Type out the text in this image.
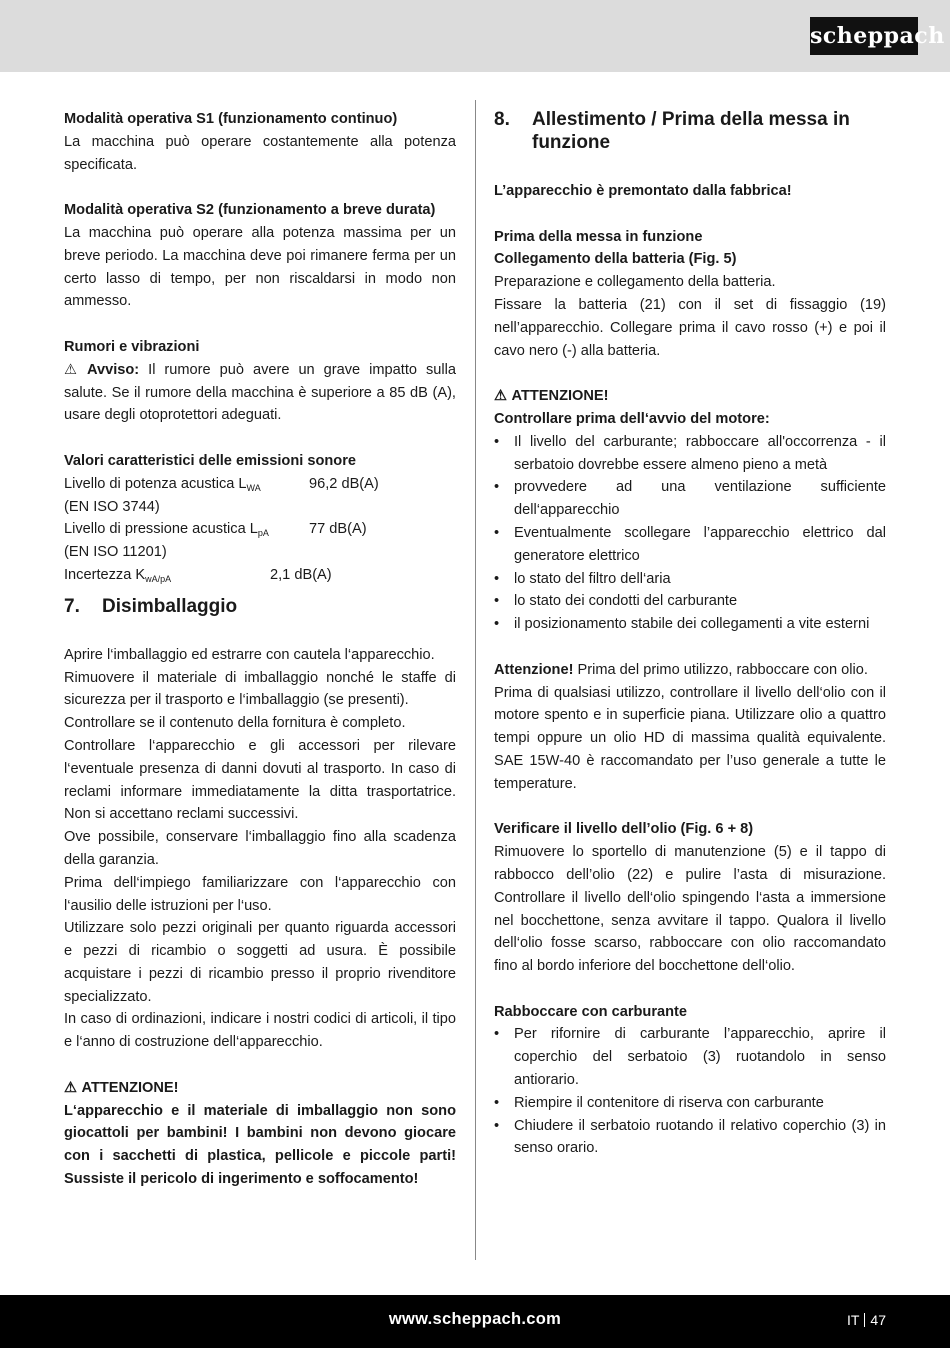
scheppach

Modalità operativa S1 (funzionamento continuo)

La macchina può operare costantemente alla potenza specificata.

Modalità operativa S2 (funzionamento a breve durata)

La macchina può operare alla potenza massima per un breve periodo. La macchina deve poi rimanere ferma per un certo lasso di tempo, per non riscaldarsi in modo non ammesso.

Rumori e vibrazioni

⚠ Avviso: Il rumore può avere un grave impatto sulla salute. Se il rumore della macchina è superiore a 85 dB (A), usare degli otoprotettori adeguati.

Valori caratteristici delle emissioni sonore

Livello di potenza acustica $L_{WA}$	96,2 dB(A)

(EN ISO 3744)

Livello di pressione acustica $L_{pA}$	77 dB(A)

(EN ISO 11201)

Incertezza $K_{wA/pA}$	2,1 dB(A)
7.	Disimballaggio

Aprire l‘imballaggio ed estrarre con cautela l‘apparecchio.

Rimuovere il materiale di imballaggio nonché le staffe di sicurezza per il trasporto e l‘imballaggio (se presenti).

Controllare se il contenuto della fornitura è completo.

Controllare l‘apparecchio e gli accessori per rilevare l‘eventuale presenza di danni dovuti al trasporto. In caso di reclami informare immediatamente la ditta trasportatrice. Non si accettano reclami successivi.

Ove possibile, conservare l‘imballaggio fino alla scadenza della garanzia.

Prima dell‘impiego familiarizzare con l‘apparecchio con l‘ausilio delle istruzioni per l‘uso.

Utilizzare solo pezzi originali per quanto riguarda accessori e pezzi di ricambio o soggetti ad usura. È possibile acquistare i pezzi di ricambio presso il proprio rivenditore specializzato.

In caso di ordinazioni, indicare i nostri codici di articoli, il tipo e l‘anno di costruzione dell‘apparecchio.

⚠ ATTENZIONE!

L‘apparecchio e il materiale di imballaggio non sono giocattoli per bambini! I bambini non devono giocare con i sacchetti di plastica, pellicole e piccole parti! Sussiste il pericolo di ingerimento e soffocamento!

8.	Allestimento / Prima della messa in funzione

L’apparecchio è premontato dalla fabbrica!

Prima della messa in funzione

Collegamento della batteria (Fig. 5)

Preparazione e collegamento della batteria.

Fissare la batteria (21) con il set di fissaggio (19) nell’apparecchio. Collegare prima il cavo rosso (+) e poi il cavo nero (-) alla batteria.

⚠ ATTENZIONE!

Controllare prima dell‘avvio del motore:

• Il livello del carburante; rabboccare all'occorrenza - il serbatoio dovrebbe essere almeno pieno a metà
• provvedere ad una ventilazione sufficiente dell‘apparecchio
• Eventualmente scollegare l’apparecchio elettrico dal generatore elettrico
• lo stato del filtro dell‘aria
• lo stato dei condotti del carburante
• il posizionamento stabile dei collegamenti a vite esterni

Attenzione! Prima del primo utilizzo, rabboccare con olio.

Prima di qualsiasi utilizzo, controllare il livello dell‘olio con il motore spento e in superficie piana. Utilizzare olio a quattro tempi oppure un olio HD di massima qualità equivalente. SAE 15W-40 è raccomandato per l’uso generale a tutte le temperature.

Verificare il livello dell’olio (Fig. 6 + 8)

Rimuovere lo sportello di manutenzione (5) e il tappo di rabbocco dell’olio (22) e pulire l’asta di misurazione. Controllare il livello dell‘olio spingendo l‘asta a immersione nel bocchettone, senza avvitare il tappo. Qualora il livello dell‘olio fosse scarso, rabboccare con olio raccomandato fino al bordo inferiore del bocchettone dell‘olio.

Rabboccare con carburante

• Per rifornire di carburante l’apparecchio, aprire il coperchio del serbatoio (3) ruotandolo in senso antiorario.
• Riempire il contenitore di riserva con carburante
• Chiudere il serbatoio ruotando il relativo coperchio (3) in senso orario.
www.scheppach.com	IT 47
